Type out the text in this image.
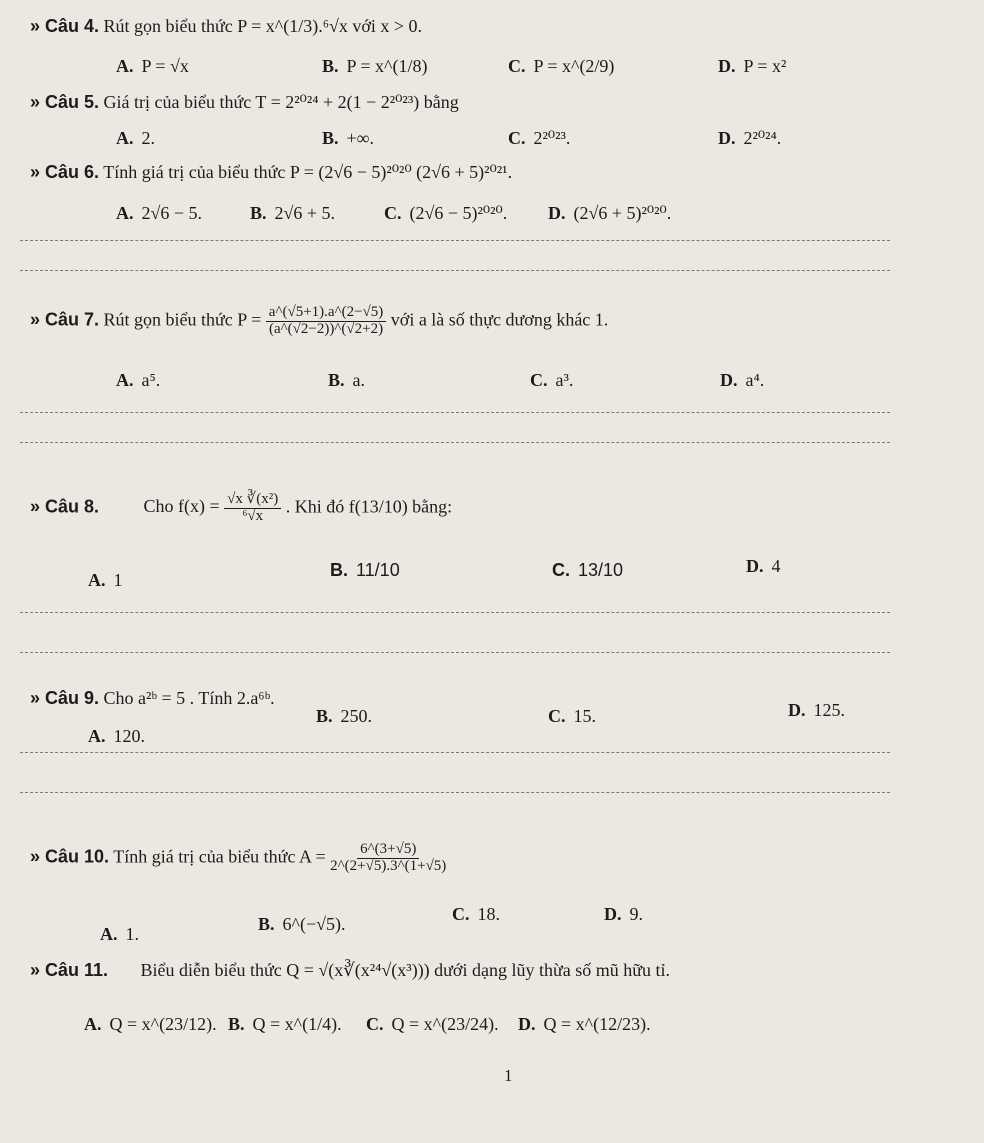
» Câu 4. Rút gọn biểu thức P = x^(1/3).⁶√x với x > 0.
A. P = √x	B. P = x^(1/8)	C. P = x^(2/9)	D. P = x²
» Câu 5. Giá trị của biểu thức T = 2²⁰²⁴ + 2(1 − 2²⁰²³) bằng
A. 2.	B. +∞.	C. 2²⁰²³.	D. 2²⁰²⁴.
» Câu 6. Tính giá trị của biểu thức P = (2√6 − 5)²⁰²⁰ (2√6 + 5)²⁰²¹.
A. 2√6 − 5.	B. 2√6 + 5.	C. (2√6 − 5)²⁰²⁰. D. (2√6 + 5)²⁰²⁰.
» Câu 7. Rút gọn biểu thức $P = \frac{a\^{}(√5+1).a\^{}(2-√5)}{(a\^{}(√2-2))\^{}(√2+2)}$ với a là số thực dương khác 1.
A. a⁵.	B. a.	C. a³.	D. a⁴.
» Câu 8. Cho $f(x) = \frac{\text{√x ∛(x²)}}{\text{⁶√x}}$ . Khi đó f(13/10) bằng:
A. 1	B. 11/10	C. 13/10	D. 4
» Câu 9. Cho a²ᵇ = 5 . Tính 2.a⁶ᵇ.
A. 120.
B. 250.	C. 15.	D. 125.
» Câu 10. Tính giá trị của biểu thức $A = \frac{6\^{}(3+√5)}{2\^{}(2+√5).3\^{}(1+√5)}$
A. 1.	B. 6^(−√5).	C. 18.	D. 9.
» Câu 11. Biểu diễn biểu thức Q = √(x∛(x²⁴√(x³))) dưới dạng lũy thừa số mũ hữu tỉ.
A. Q = x^(23/12). B. Q = x^(1/4). C. Q = x^(23/24). D. Q = x^(12/23).
1
